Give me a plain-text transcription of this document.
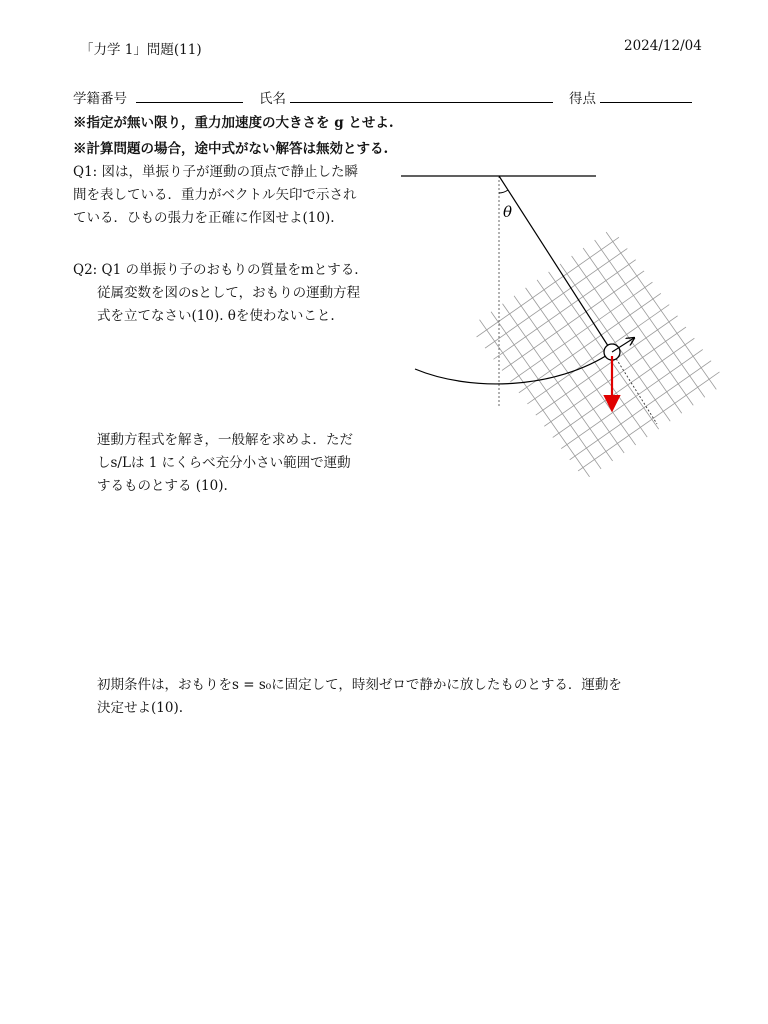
「力学 1」問題(11)	2024/12/04
学籍番号	氏名	得点
※指定が無い限り，重力加速度の大きさを g とせよ.
※計算問題の場合，途中式がない解答は無効とする.
Q1: 図は，単振り子が運動の頂点で静止した瞬
間を表している．重力がベクトル矢印で示され
ている．ひもの張力を正確に作図せよ(10).
Q2: Q1 の単振り子のおもりの質量をmとする.
従属変数を図のsとして，おもりの運動方程
式を立てなさい(10). θを使わないこと.
運動方程式を解き，一般解を求めよ．ただ
しs/Lは 1 にくらべ充分小さい範囲で運動
するものとする (10).
初期条件は，おもりをs = s₀に固定して，時刻ゼロで静かに放したものとする．運動を
決定せよ(10).
θ
